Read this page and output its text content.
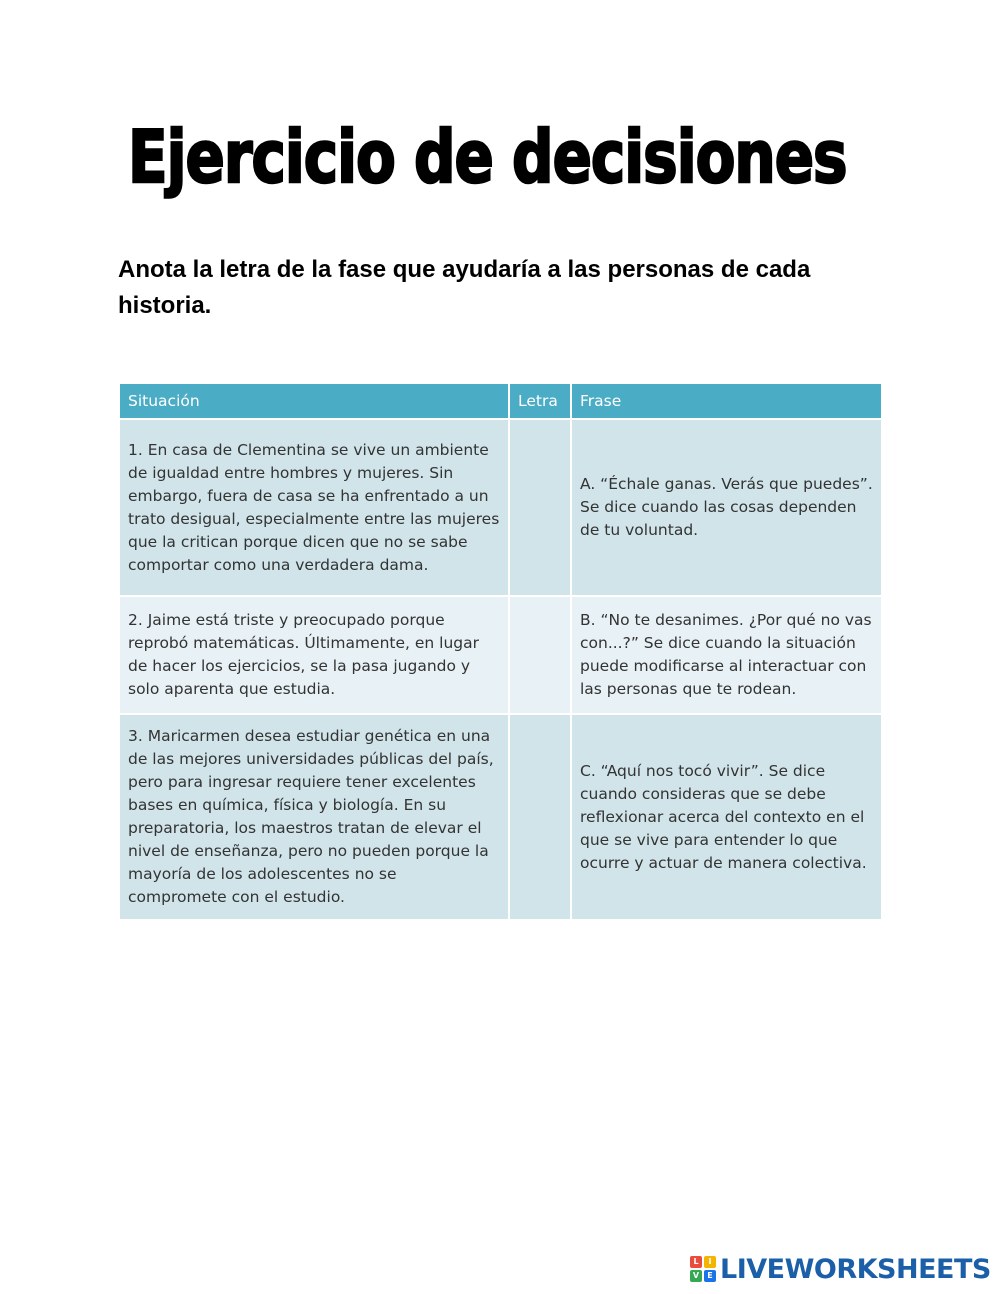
Ejercicio de decisiones

Anota la letra de la fase que ayudaría a las personas de cada historia.

Situación	Letra	Frase
1. En casa de Clementina se vive un ambiente de igualdad entre hombres y mujeres. Sin embargo, fuera de casa se ha enfrentado a un trato desigual, especialmente entre las mujeres que la critican porque dicen que no se sabe comportar como una verdadera dama.		A. “Échale ganas. Verás que puedes”. Se dice cuando las cosas dependen de tu voluntad.
2. Jaime está triste y preocupado porque reprobó matemáticas. Últimamente, en lugar de hacer los ejercicios, se la pasa jugando y solo aparenta que estudia.		B. “No te desanimes. ¿Por qué no vas con...?” Se dice cuando la situación puede modificarse al interactuar con las personas que te rodean.
3. Maricarmen desea estudiar genética en una de las mejores universidades públicas del país, pero para ingresar requiere tener excelentes bases en química, física y biología. En su preparatoria, los maestros tratan de elevar el nivel de enseñanza, pero no pueden porque la mayoría de los adolescentes no se compromete con el estudio.		C. “Aquí nos tocó vivir”. Se dice cuando consideras que se debe reflexionar acerca del contexto en el que se vive para entender lo que ocurre y actuar de manera colectiva.
L	I
V	E LIVEWORKSHEETS
